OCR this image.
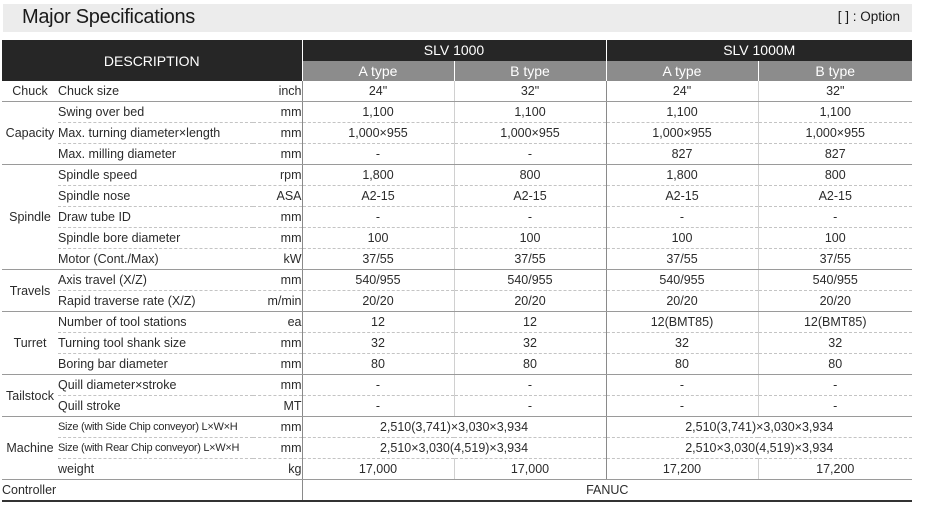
Major Specifications	[ ] : Option
DESCRIPTION			SLV 1000		SLV 1000M	
			A type	B type	A type	B type
Chuck	Chuck size	inch	24"	32"	24"	32"
Capacity	Swing over bed	mm	1,100	1,100	1,100	1,100
	Max. turning diameter×length	mm	1,000×955	1,000×955	1,000×955	1,000×955
	Max. milling diameter	mm	-	-	827	827
Spindle	Spindle speed	rpm	1,800	800	1,800	800
	Spindle nose	ASA	A2-15	A2-15	A2-15	A2-15
	Draw tube ID	mm	-	-	-	-
	Spindle bore diameter	mm	100	100	100	100
	Motor (Cont./Max)	kW	37/55	37/55	37/55	37/55
Travels	Axis travel (X/Z)	mm	540/955	540/955	540/955	540/955
	Rapid traverse rate (X/Z)	m/min	20/20	20/20	20/20	20/20
Turret	Number of tool stations	ea	12	12	12(BMT85)	12(BMT85)
	Turning tool shank size	mm	32	32	32	32
	Boring bar diameter	mm	80	80	80	80
Tailstock	Quill diameter×stroke	mm	-	-	-	-
	Quill stroke	MT	-	-	-	-
Machine	Size (with Side Chip conveyor) L×W×H	mm	2,510(3,741)×3,030×3,934		2,510(3,741)×3,030×3,934	
	Size (with Rear Chip conveyor) L×W×H	mm	2,510×3,030(4,519)×3,934		2,510×3,030(4,519)×3,934	
	weight	kg	17,000	17,000	17,200	17,200
Controller			FANUC			
